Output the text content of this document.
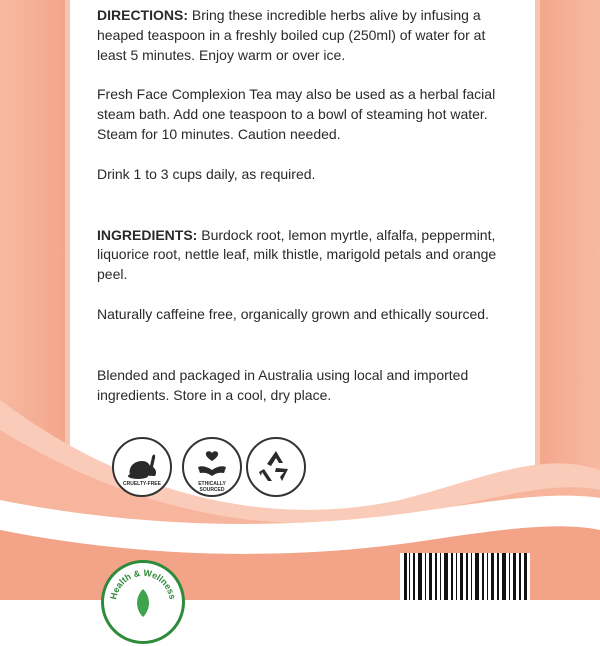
DIRECTIONS: Bring these incredible herbs alive by infusing a heaped teaspoon in a freshly boiled cup (250ml) of water for at least 5 minutes. Enjoy warm or over ice.

Fresh Face Complexion Tea may also be used as a herbal facial steam bath. Add one teaspoon to a bowl of steaming hot water. Steam for 10 minutes. Caution needed.

Drink 1 to 3 cups daily, as required.

INGREDIENTS: Burdock root, lemon myrtle, alfalfa, peppermint, liquorice root, nettle leaf, milk thistle, marigold petals and orange peel.

Naturally caffeine free, organically grown and ethically sourced.

Blended and packaged in Australia using local and imported ingredients. Store in a cool, dry place.

CRUELTY-FREE	ETHICALLY SOURCED
Health & Wellness
